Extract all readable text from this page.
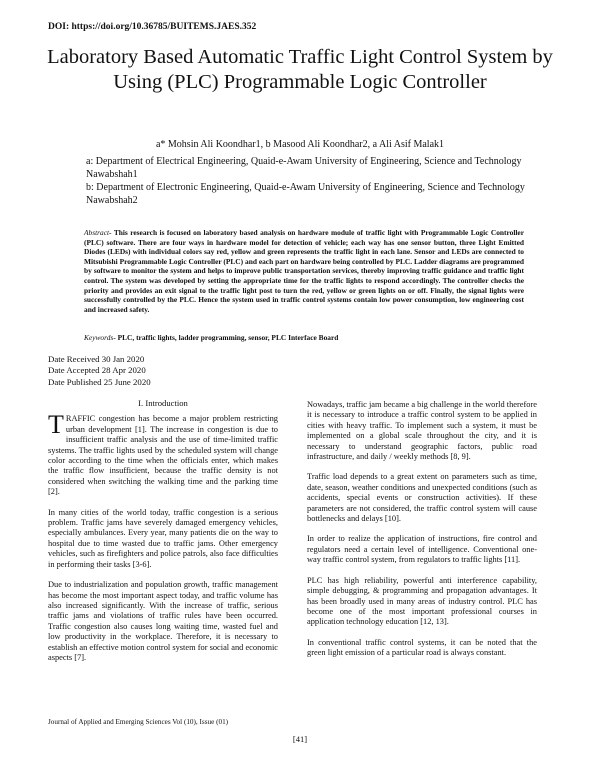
DOI: https://doi.org/10.36785/BUITEMS.JAES.352
Laboratory Based Automatic Traffic Light Control System by Using (PLC) Programmable Logic Controller
a* Mohsin Ali Koondhar1, b Masood Ali Koondhar2, a Ali Asif Malak1
a: Department of Electrical Engineering, Quaid-e-Awam University of Engineering, Science and Technology Nawabshah1
b: Department of Electronic Engineering, Quaid-e-Awam University of Engineering, Science and Technology Nawabshah2
Abstract- This research is focused on laboratory based analysis on hardware module of traffic light with Programmable Logic Controller (PLC) software. There are four ways in hardware model for detection of vehicle; each way has one sensor button, three Light Emitted Diodes (LEDs) with individual colors say red, yellow and green represents the traffic light in each lane. Sensor and LEDs are connected to Mitsubishi Programmable Logic Controller (PLC) and each part on hardware being controlled by PLC. Ladder diagrams are programmed by software to monitor the system and helps to improve public transportation services, thereby improving traffic guidance and traffic light control. The system was developed by setting the appropriate time for the traffic lights to respond accordingly. The controller checks the priority and provides an exit signal to the traffic light post to turn the red, yellow or green lights on or off. Finally, the signal lights were successfully controlled by the PLC. Hence the system used in traffic control systems contain low power consumption, low engineering cost and increased safety.
Keywords- PLC, traffic lights, ladder programming, sensor, PLC Interface Board
Date Received 30 Jan 2020
Date Accepted 28 Apr 2020
Date Published 25 June 2020
I. Introduction

TRAFFIC congestion has become a major problem restricting urban development [1]. The increase in congestion is due to insufficient traffic analysis and the use of time-limited traffic systems. The traffic lights used by the scheduled system will change color according to the time when the officials enter, which makes the traffic flow insufficient, because the traffic density is not considered when switching the walking time and the parking time [2].

In many cities of the world today, traffic congestion is a serious problem. Traffic jams have severely damaged emergency vehicles, especially ambulances. Every year, many patients die on the way to hospital due to time wasted due to traffic jams. Other emergency vehicles, such as firefighters and police patrols, also face difficulties in performing their tasks [3-6].

Due to industrialization and population growth, traffic management has become the most important aspect today, and traffic volume has also increased significantly. With the increase of traffic, serious traffic jams and violations of traffic rules have been occurred. Traffic congestion also causes long waiting time, wasted fuel and low productivity in the workplace. Therefore, it is necessary to establish an effective motion control system for social and economic aspects [7].

Nowadays, traffic jam became a big challenge in the world therefore it is necessary to introduce a traffic control system to be applied in cities with heavy traffic. To implement such a system, it must be implemented on a global scale throughout the city, and it is necessary to understand geographic factors, public road infrastructure, and daily / weekly methods [8, 9].

Traffic load depends to a great extent on parameters such as time, date, season, weather conditions and unexpected conditions (such as accidents, special events or construction activities). If these parameters are not considered, the traffic control system will cause bottlenecks and delays [10].

In order to realize the application of instructions, fire control and regulators need a certain level of intelligence. Conventional one-way traffic control system, from regulators to traffic lights [11].

PLC has high reliability, powerful anti interference capability, simple debugging, & programming and propagation advantages. It has been broadly used in many areas of industry control. PLC has become one of the most important professional courses in application technology education [12, 13].

In conventional traffic control systems, it can be noted that the green light emission of a particular road is always constant.

Journal of Applied and Emerging Sciences Vol (10), Issue (01)
[41]
